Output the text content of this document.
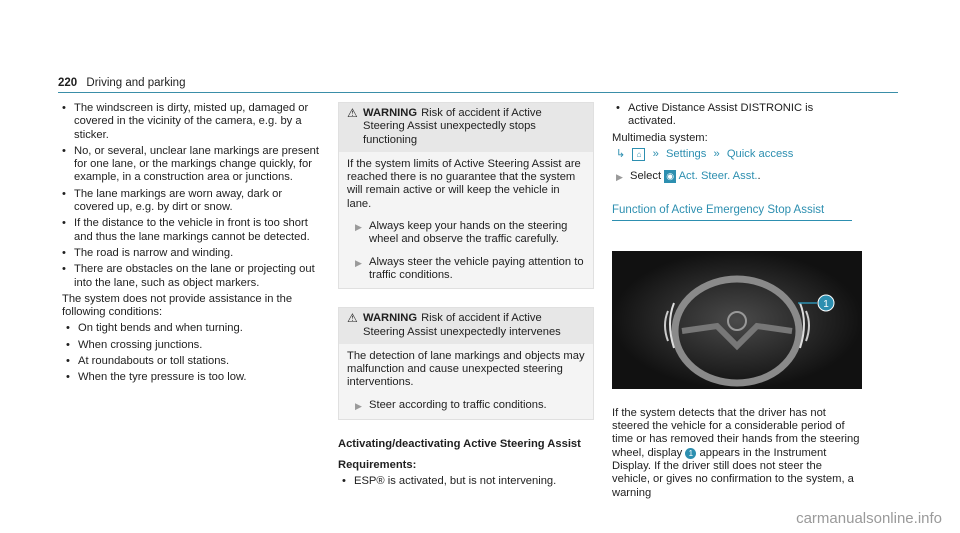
220 Driving and parking
• The windscreen is dirty, misted up, damaged or covered in the vicinity of the camera, e.g. by a sticker.
• No, or several, unclear lane markings are present for one lane, or the markings change quickly, for example, in a construction area or junctions.
• The lane markings are worn away, dark or covered up, e.g. by dirt or snow.
• If the distance to the vehicle in front is too short and thus the lane markings cannot be detected.
• The road is narrow and winding.
• There are obstacles on the lane or projecting out into the lane, such as object markers.

The system does not provide assistance in the following conditions:

• On tight bends and when turning.
• When crossing junctions.
• At roundabouts or toll stations.
• When the tyre pressure is too low.
⚠ WARNING Risk of accident if Active Steering Assist unexpectedly stops functioning

If the system limits of Active Steering Assist are reached there is no guarantee that the system will remain active or will keep the vehicle in lane.

▶ Always keep your hands on the steering wheel and observe the traffic carefully.
▶ Always steer the vehicle paying attention to traffic conditions.
⚠ WARNING Risk of accident if Active Steering Assist unexpectedly intervenes

The detection of lane markings and objects may malfunction and cause unexpected steering interventions.

▶ Steer according to traffic conditions.
Activating/deactivating Active Steering Assist
Requirements:
• ESP® is activated, but is not intervening.
• Active Distance Assist DISTRONIC is activated.

Multimedia system:

↳ ⌂ » Settings » Quick access
▶ Select ◉ Act. Steer. Asst..
Function of Active Emergency Stop Assist
1

If the system detects that the driver has not steered the vehicle for a considerable period of time or has removed their hands from the steering wheel, display 1 appears in the Instrument Display. If the driver still does not steer the vehicle, or gives no confirmation to the system, a warning

carmanualsonline.info
